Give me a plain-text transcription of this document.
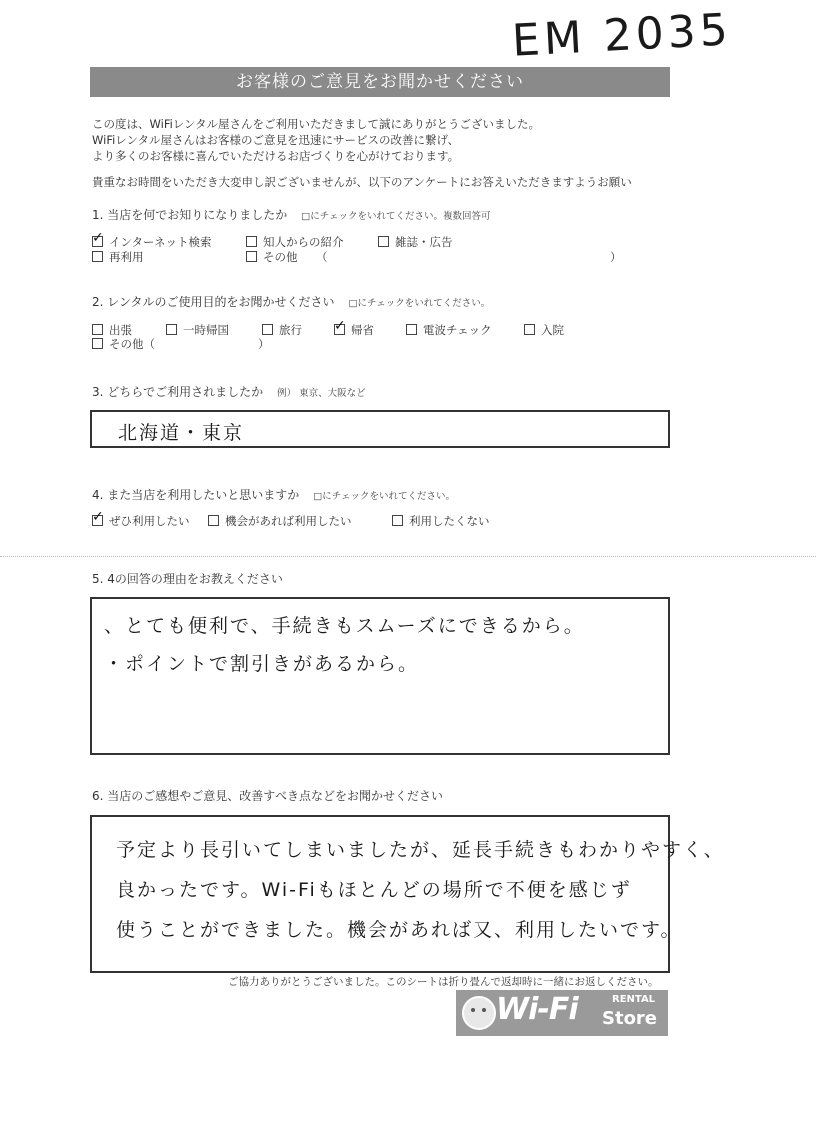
EM 2035
お客様のご意見をお聞かせください
この度は、WiFiレンタル屋さんをご利用いただきまして誠にありがとうございました。
WiFiレンタル屋さんはお客様のご意見を迅速にサービスの改善に繋げ、
より多くのお客様に喜んでいただけるお店づくりを心がけております。
貴重なお時間をいただき大変申し訳ございませんが、以下のアンケートにお答えいただきますようお願い
1. 当店を何でお知りになりましたか □にチェックをいれてください。複数回答可
✓インターネット検索	知人からの紹介	雑誌・広告
再利用	その他 （	）
2. レンタルのご使用目的をお聞かせください □にチェックをいれてください。
出張	一時帰国	旅行
✓	帰省	電波チェック	入院
その他（	）
3. どちらでご利用されましたか 例） 東京、大阪など
北海道・東京
4. また当店を利用したいと思いますか □にチェックをいれてください。
✓ぜひ利用したい	機会があれば利用したい	利用したくない
5. 4の回答の理由をお教えください
、とても便利で、手続きもスムーズにできるから。
・ポイントで割引きがあるから。
6. 当店のご感想やご意見、改善すべき点などをお聞かせください
予定より長引いてしまいましたが、延長手続きもわかりやすく、
良かったです。Wi-Fiもほとんどの場所で不便を感じず
使うことができました。機会があれば又、利用したいです。
ご協力ありがとうございました。このシートは折り畳んで返却時に一緒にお返しください。
Wi-Fi	RENTAL
Store
